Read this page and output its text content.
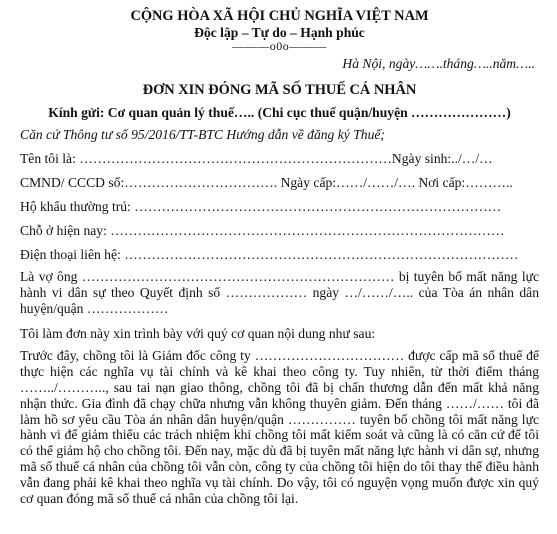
CỘNG HÒA XÃ HỘI CHỦ NGHĨA VIỆT NAM
Độc lập – Tự do – Hạnh phúc
———o0o———
Hà Nội, ngày…….tháng…..năm…..
ĐƠN XIN ĐÓNG MÃ SỐ THUẾ CÁ NHÂN
Kính gửi: Cơ quan quản lý thuế….. (Chi cục thuế quận/huyện …………………)
Căn cứ Thông tư số 95/2016/TT-BTC Hướng dẫn về đăng ký Thuế;
Tên tôi là: ……………………………………………………………Ngày sinh:../…/…
CMND/ CCCD số:……………………………. Ngày cấp:……/……/…. Nơi cấp:………..
Hộ khẩu thường trú: ………………………………………………………………………
Chỗ ở hiện nay: ……………………………………………………………………………
Điện thoại liên hệ: ……………………………………………………………………………
Là vợ ông …………………………………………………………… bị tuyên bố mất năng lực hành vi dân sự theo Quyết định số ……………… ngày …/……/….. của Tòa án nhân dân huyện/quận ………………
Tôi làm đơn này xin trình bày với quý cơ quan nội dung như sau:
Trước đây, chồng tôi là Giám đốc công ty …………………………… được cấp mã số thuế để thực hiện các nghĩa vụ tài chính và kê khai theo công ty. Tuy nhiên, từ thời điểm tháng ……../……….., sau tai nạn giao thông, chồng tôi đã bị chấn thương dẫn đến mất khả năng nhận thức. Gia đình đã chạy chữa nhưng vẫn không thuyên giảm. Đến tháng ……/…… tôi đã làm hồ sơ yêu cầu Tòa án nhân dân huyện/quận …………… tuyên bố chồng tôi mất năng lực hành vi để giảm thiểu các trách nhiệm khi chồng tôi mất kiểm soát và cũng là có căn cứ để tôi có thể giảm hộ cho chồng tôi. Đến nay, mặc dù đã bị tuyên mất năng lực hành vi dân sự, nhưng mã số thuế cá nhân của chồng tôi vẫn còn, công ty của chồng tôi hiện do tôi thay thế điều hành vẫn đang phải kê khai theo nghĩa vụ tài chính. Do vậy, tôi có nguyện vọng muốn được xin quý cơ quan đóng mã số thuế cá nhân của chồng tôi lại.
